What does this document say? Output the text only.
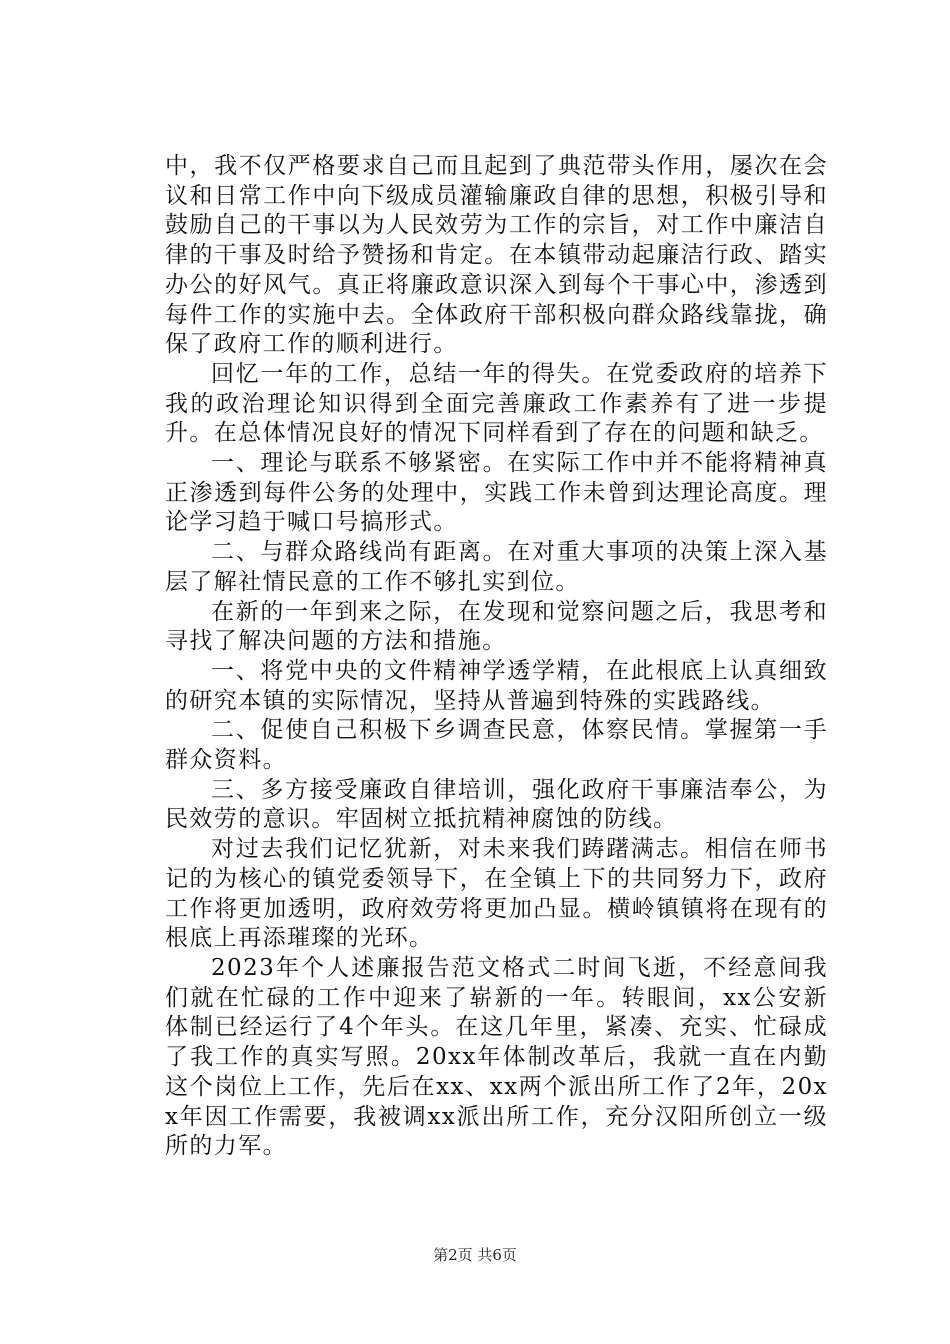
中，我不仅严格要求自己而且起到了典范带头作用，屡次在会议和日常工作中向下级成员灌输廉政自律的思想，积极引导和鼓励自己的干事以为人民效劳为工作的宗旨，对工作中廉洁自律的干事及时给予赞扬和肯定。在本镇带动起廉洁行政、踏实办公的好风气。真正将廉政意识深入到每个干事心中，渗透到每件工作的实施中去。全体政府干部积极向群众路线靠拢，确保了政府工作的顺利进行。

回忆一年的工作，总结一年的得失。在党委政府的培养下我的政治理论知识得到全面完善廉政工作素养有了进一步提升。在总体情况良好的情况下同样看到了存在的问题和缺乏。

一、理论与联系不够紧密。在实际工作中并不能将精神真正渗透到每件公务的处理中，实践工作未曾到达理论高度。理论学习趋于喊口号搞形式。

二、与群众路线尚有距离。在对重大事项的决策上深入基层了解社情民意的工作不够扎实到位。

在新的一年到来之际，在发现和觉察问题之后，我思考和寻找了解决问题的方法和措施。

一、将党中央的文件精神学透学精，在此根底上认真细致的研究本镇的实际情况，坚持从普遍到特殊的实践路线。

二、促使自己积极下乡调查民意，体察民情。掌握第一手群众资料。

三、多方接受廉政自律培训，强化政府干事廉洁奉公，为民效劳的意识。牢固树立抵抗精神腐蚀的防线。

对过去我们记忆犹新，对未来我们踌躇满志。相信在师书记的为核心的镇党委领导下，在全镇上下的共同努力下，政府工作将更加透明，政府效劳将更加凸显。横岭镇镇将在现有的根底上再添璀璨的光环。

2023年个人述廉报告范文格式二时间飞逝，不经意间我们就在忙碌的工作中迎来了崭新的一年。转眼间，xx公安新体制已经运行了4个年头。在这几年里，紧凑、充实、忙碌成了我工作的真实写照。20xx年体制改革后，我就一直在内勤这个岗位上工作，先后在xx、xx两个派出所工作了2年，20xx年因工作需要，我被调xx派出所工作，充分汉阳所创立一级所的力军。

第2页 共6页
